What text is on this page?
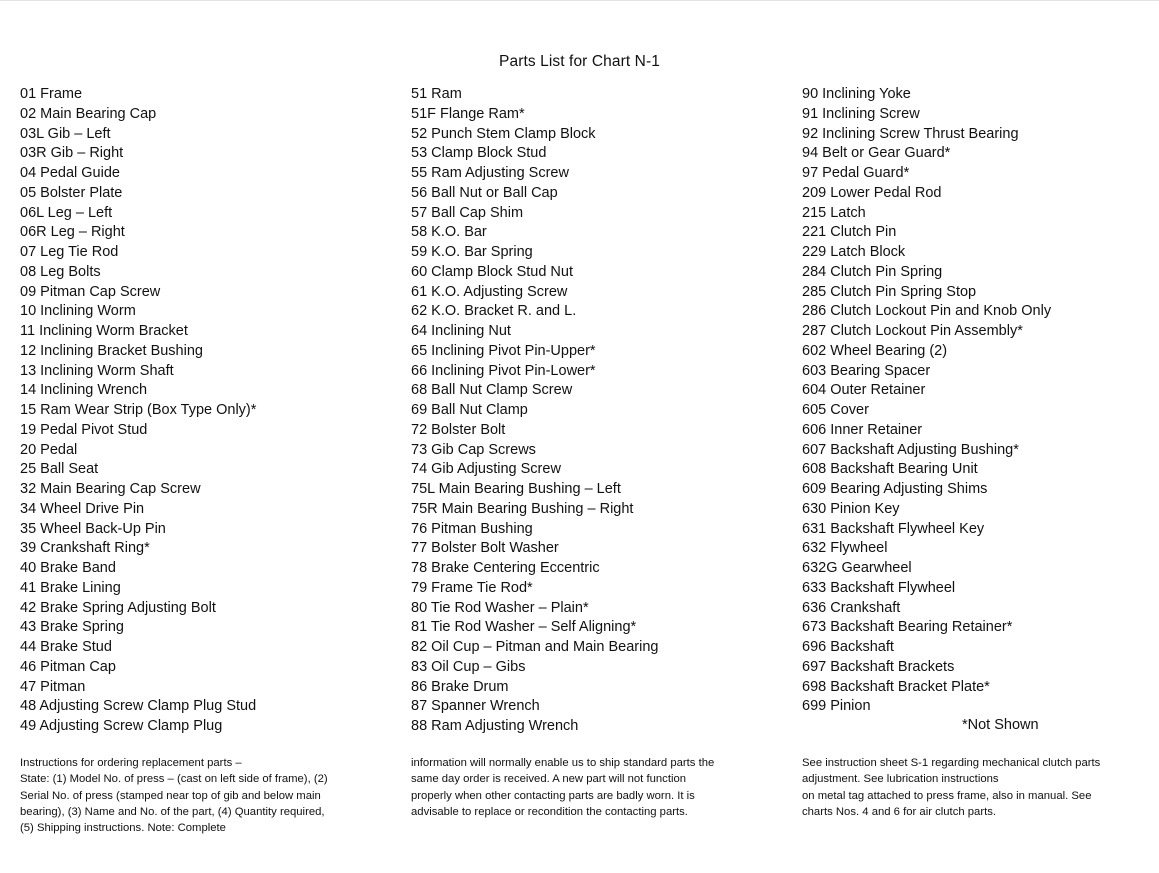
Parts List for Chart N-1
01 Frame
02 Main Bearing Cap
03L Gib – Left
03R Gib – Right
04 Pedal Guide
05 Bolster Plate
06L Leg – Left
06R Leg – Right
07 Leg Tie Rod
08 Leg Bolts
09 Pitman Cap Screw
10 Inclining Worm
11 Inclining Worm Bracket
12 Inclining Bracket Bushing
13 Inclining Worm Shaft
14 Inclining Wrench
15 Ram Wear Strip (Box Type Only)*
19 Pedal Pivot Stud
20 Pedal
25 Ball Seat
32 Main Bearing Cap Screw
34 Wheel Drive Pin
35 Wheel Back-Up Pin
39 Crankshaft Ring*
40 Brake Band
41 Brake Lining
42 Brake Spring Adjusting Bolt
43 Brake Spring
44 Brake Stud
46 Pitman Cap
47 Pitman
48 Adjusting Screw Clamp Plug Stud
49 Adjusting Screw Clamp Plug
51 Ram
51F Flange Ram*
52 Punch Stem Clamp Block
53 Clamp Block Stud
55 Ram Adjusting Screw
56 Ball Nut or Ball Cap
57 Ball Cap Shim
58 K.O. Bar
59 K.O. Bar Spring
60 Clamp Block Stud Nut
61 K.O. Adjusting Screw
62 K.O. Bracket R. and L.
64 Inclining Nut
65 Inclining Pivot Pin-Upper*
66 Inclining Pivot Pin-Lower*
68 Ball Nut Clamp Screw
69 Ball Nut Clamp
72 Bolster Bolt
73 Gib Cap Screws
74 Gib Adjusting Screw
75L Main Bearing Bushing – Left
75R Main Bearing Bushing – Right
76 Pitman Bushing
77 Bolster Bolt Washer
78 Brake Centering Eccentric
79 Frame Tie Rod*
80 Tie Rod Washer – Plain*
81 Tie Rod Washer – Self Aligning*
82 Oil Cup – Pitman and Main Bearing
83 Oil Cup – Gibs
86 Brake Drum
87 Spanner Wrench
88 Ram Adjusting Wrench
90 Inclining Yoke
91 Inclining Screw
92 Inclining Screw Thrust Bearing
94 Belt or Gear Guard*
97 Pedal Guard*
209 Lower Pedal Rod
215 Latch
221 Clutch Pin
229 Latch Block
284 Clutch Pin Spring
285 Clutch Pin Spring Stop
286 Clutch Lockout Pin and Knob Only
287 Clutch Lockout Pin Assembly*
602 Wheel Bearing (2)
603 Bearing Spacer
604 Outer Retainer
605 Cover
606 Inner Retainer
607 Backshaft Adjusting Bushing*
608 Backshaft Bearing Unit
609 Bearing Adjusting Shims
630 Pinion Key
631 Backshaft Flywheel Key
632 Flywheel
632G Gearwheel
633 Backshaft Flywheel
636 Crankshaft
673 Backshaft Bearing Retainer*
696 Backshaft
697 Backshaft Brackets
698 Backshaft Bracket Plate*
699 Pinion
*Not Shown
Instructions for ordering replacement parts –
State: (1) Model No. of press – (cast on left side of frame), (2)
Serial No. of press (stamped near top of gib and below main
bearing), (3) Name and No. of the part, (4) Quantity required,
(5) Shipping instructions. Note: Complete
information will normally enable us to ship standard parts the
same day order is received. A new part will not function
properly when other contacting parts are badly worn. It is
advisable to replace or recondition the contacting parts.
See instruction sheet S-1 regarding mechanical clutch parts
adjustment. See lubrication instructions
on metal tag attached to press frame, also in manual. See
charts Nos. 4 and 6 for air clutch parts.
